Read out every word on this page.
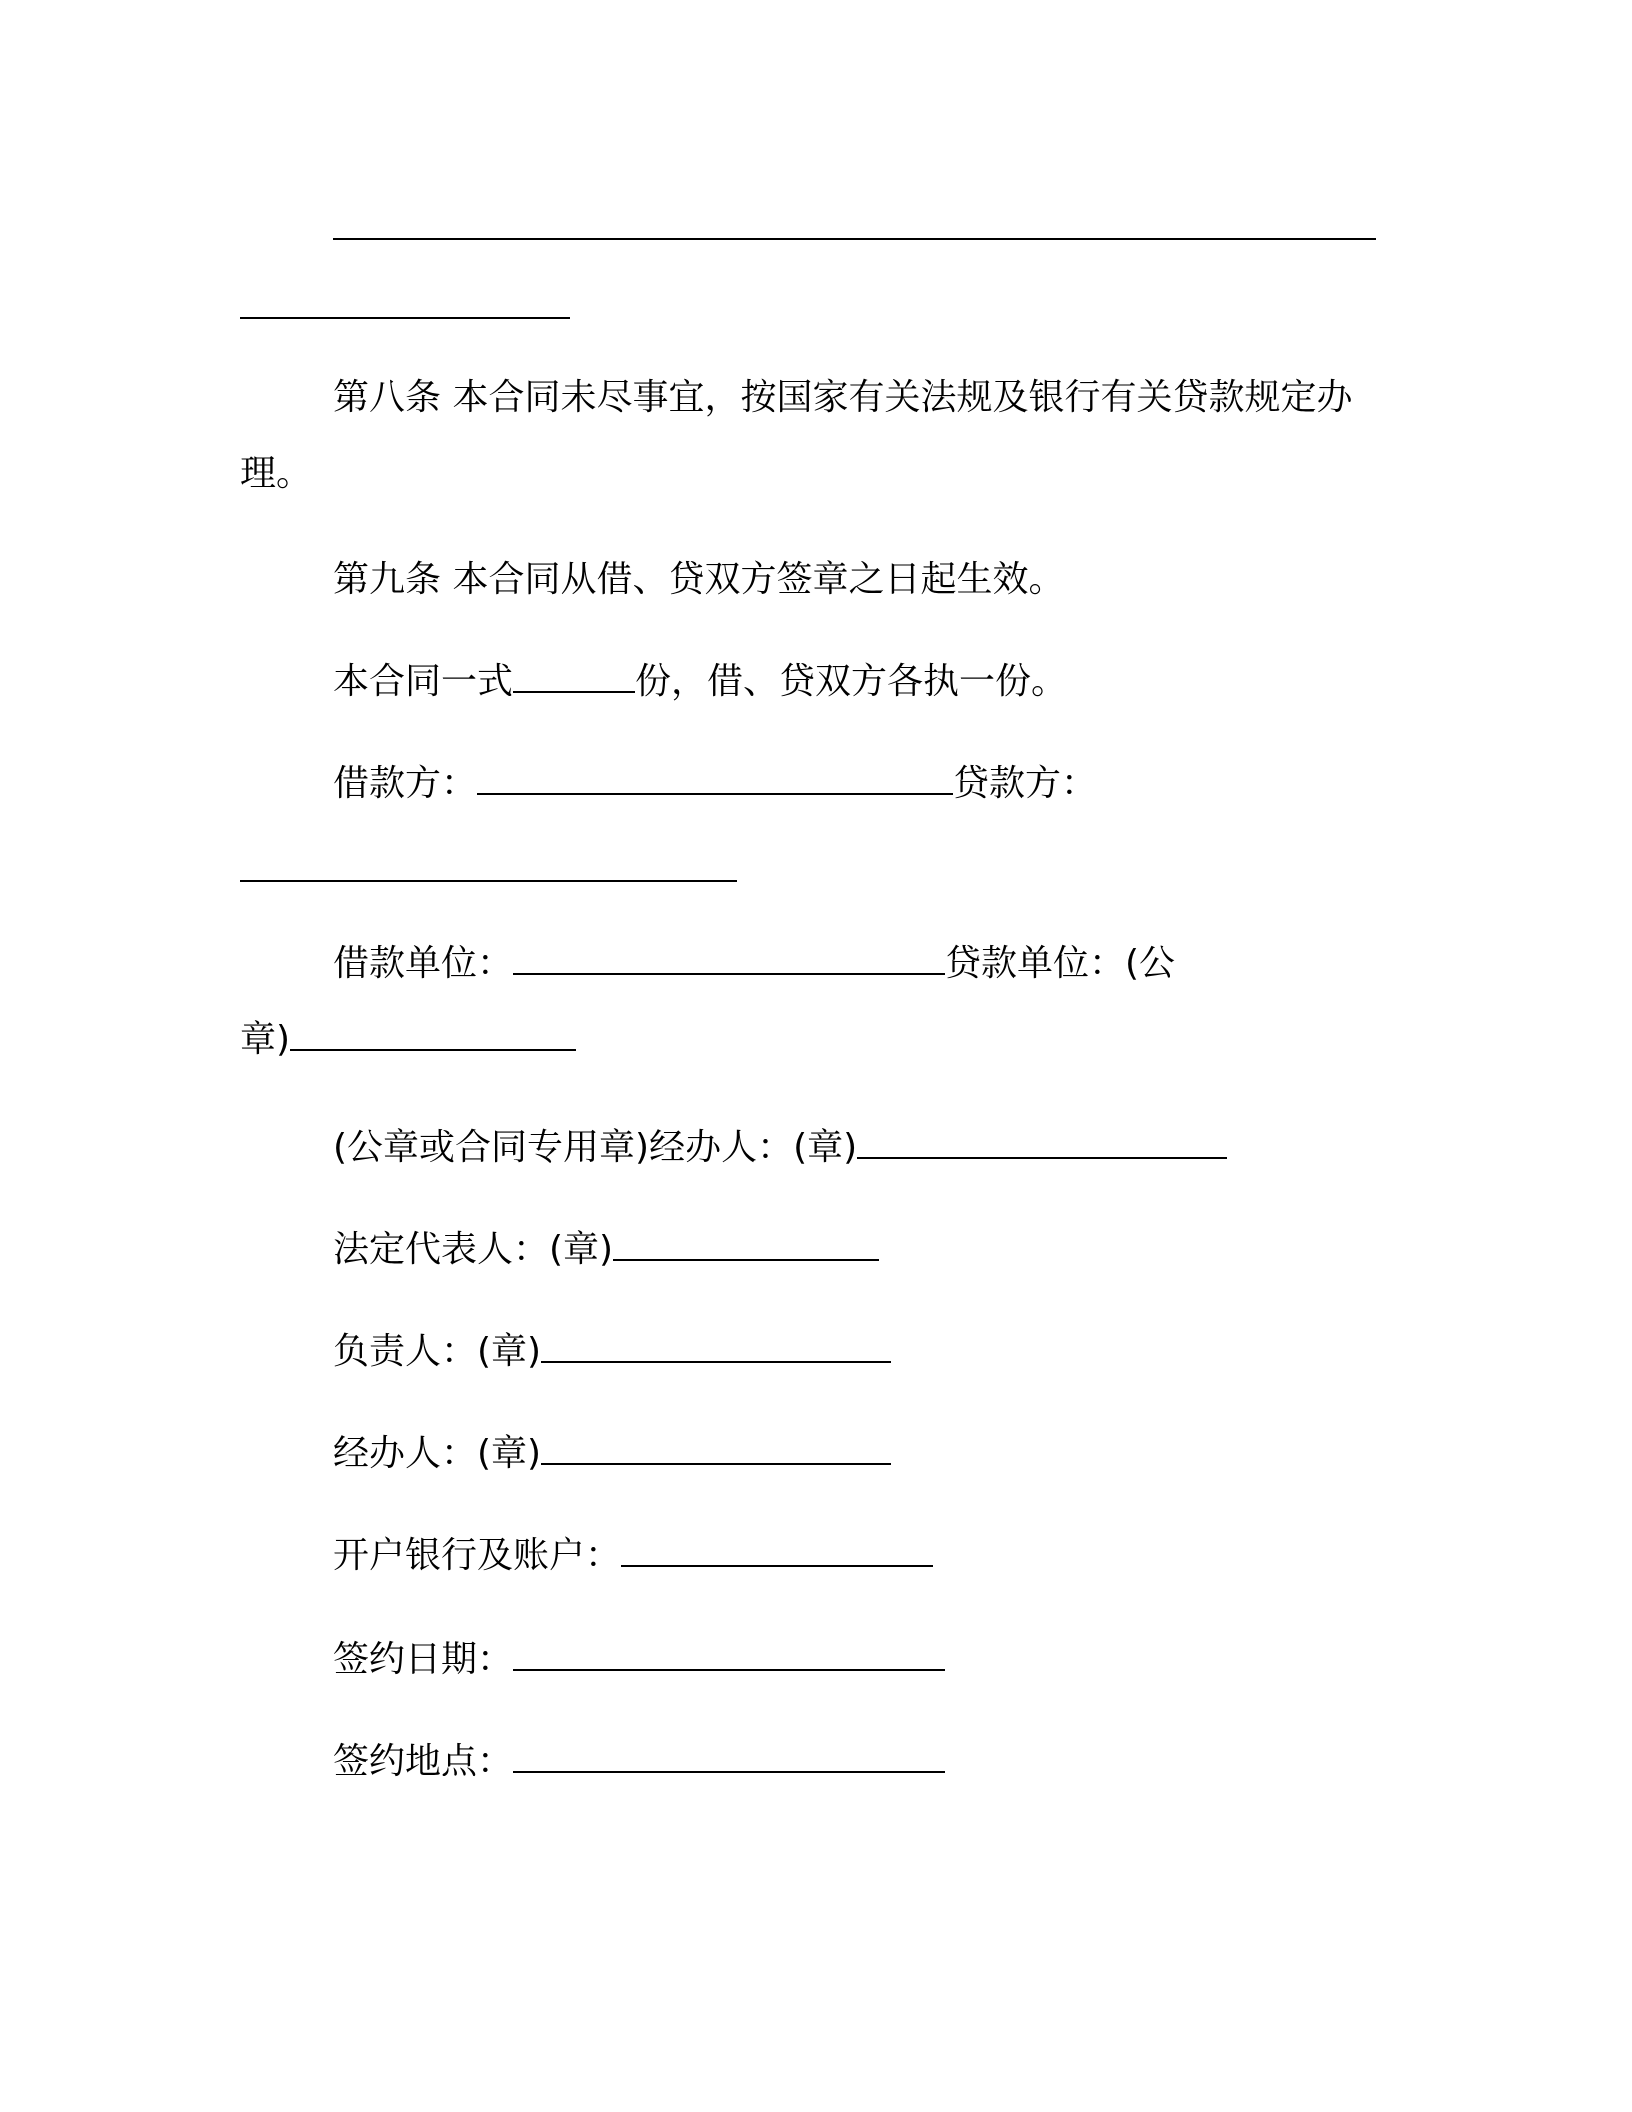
第八条 本合同未尽事宜，按国家有关法规及银行有关贷款规定办
理。
第九条 本合同从借、贷双方签章之日起生效。
本合同一式	份，借、贷双方各执一份。
借款方：	贷款方：
借款单位：	贷款单位：(公
章)
(公章或合同专用章)经办人：(章)
法定代表人：(章)
负责人：(章)
经办人：(章)
开户银行及账户：
签约日期：
签约地点：
